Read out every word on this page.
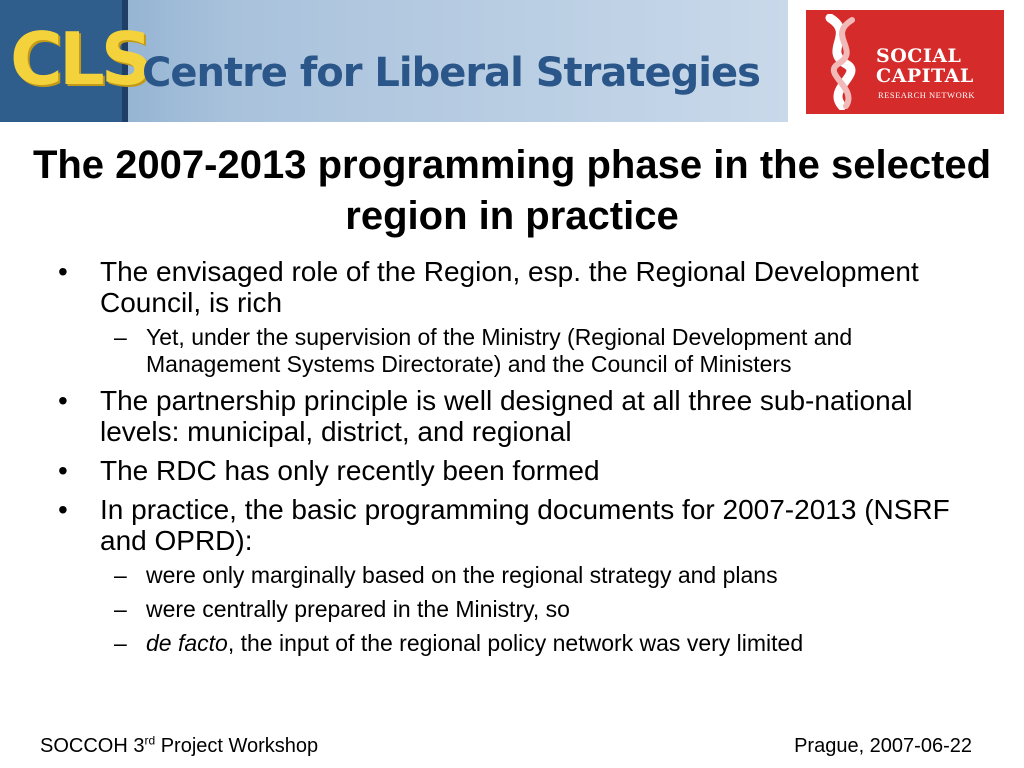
CLS
Centre for Liberal Strategies	SOCIAL
CAPITAL
RESEARCH NETWORK
The 2007-2013 programming phase in the selected region in practice
• The envisaged role of the Region, esp. the Regional Development Council, is rich
– Yet, under the supervision of the Ministry (Regional Development and Management Systems Directorate) and the Council of Ministers
• The partnership principle is well designed at all three sub-national levels: municipal, district, and regional
• The RDC has only recently been formed
• In practice, the basic programming documents for 2007-2013 (NSRF and OPRD):
– were only marginally based on the regional strategy and plans
– were centrally prepared in the Ministry, so
– de facto, the input of the regional policy network was very limited
SOCCOH 3rd Project Workshop	Prague, 2007-06-22
